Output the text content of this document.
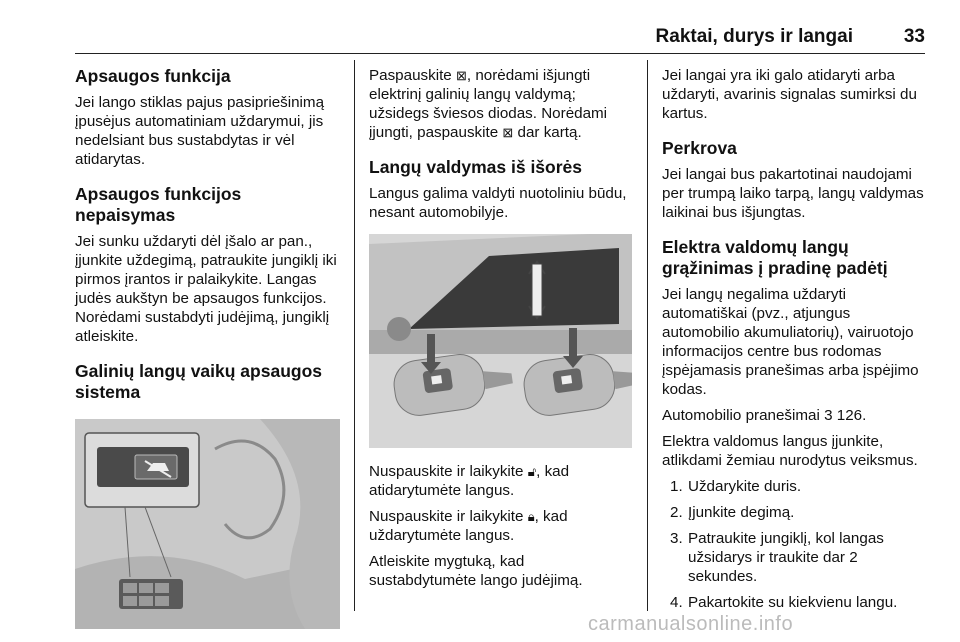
Raktai, durys ir langai	33
Apsaugos funkcija

Jei lango stiklas pajus pasipriešinimą įpusėjus automatiniam uždarymui, jis nedelsiant bus sustabdytas ir vėl atidarytas.

Apsaugos funkcijos nepaisymas

Jei sunku uždaryti dėl įšalo ar pan., įjunkite uždegimą, patraukite jungiklį iki pirmos įrantos ir palaikykite. Langas judės aukštyn be apsaugos funkcijos. Norėdami sustabdyti judėjimą, jungiklį atleiskite.

Galinių langų vaikų apsaugos sistema

Paspauskite ⊠, norėdami išjungti elektrinį galinių langų valdymą; užsidegs šviesos diodas. Norėdami įjungti, paspauskite ⊠ dar kartą.

Langų valdymas iš išorės

Langus galima valdyti nuotoliniu būdu, nesant automobilyje.

Nuspauskite ir laikykite 🔓︎, kad atidarytumėte langus.

Nuspauskite ir laikykite 🔒︎, kad uždarytumėte langus.

Atleiskite mygtuką, kad sustabdytumėte lango judėjimą.

Jei langai yra iki galo atidaryti arba uždaryti, avarinis signalas sumirksi du kartus.

Perkrova

Jei langai bus pakartotinai naudojami per trumpą laiko tarpą, langų valdymas laikinai bus išjungtas.

Elektra valdomų langų grąžinimas į pradinę padėtį

Jei langų negalima uždaryti automatiškai (pvz., atjungus automobilio akumuliatorių), vairuotojo informacijos centre bus rodomas įspėjamasis pranešimas arba įspėjimo kodas.

Automobilio pranešimai 3 126.

Elektra valdomus langus įjunkite, atlikdami žemiau nurodytus veiksmus.

1. Uždarykite duris.
2. Įjunkite degimą.
3. Patraukite jungiklį, kol langas užsidarys ir traukite dar 2 sekundes.
4. Pakartokite su kiekvienu langu.
carmanualsonline.info
